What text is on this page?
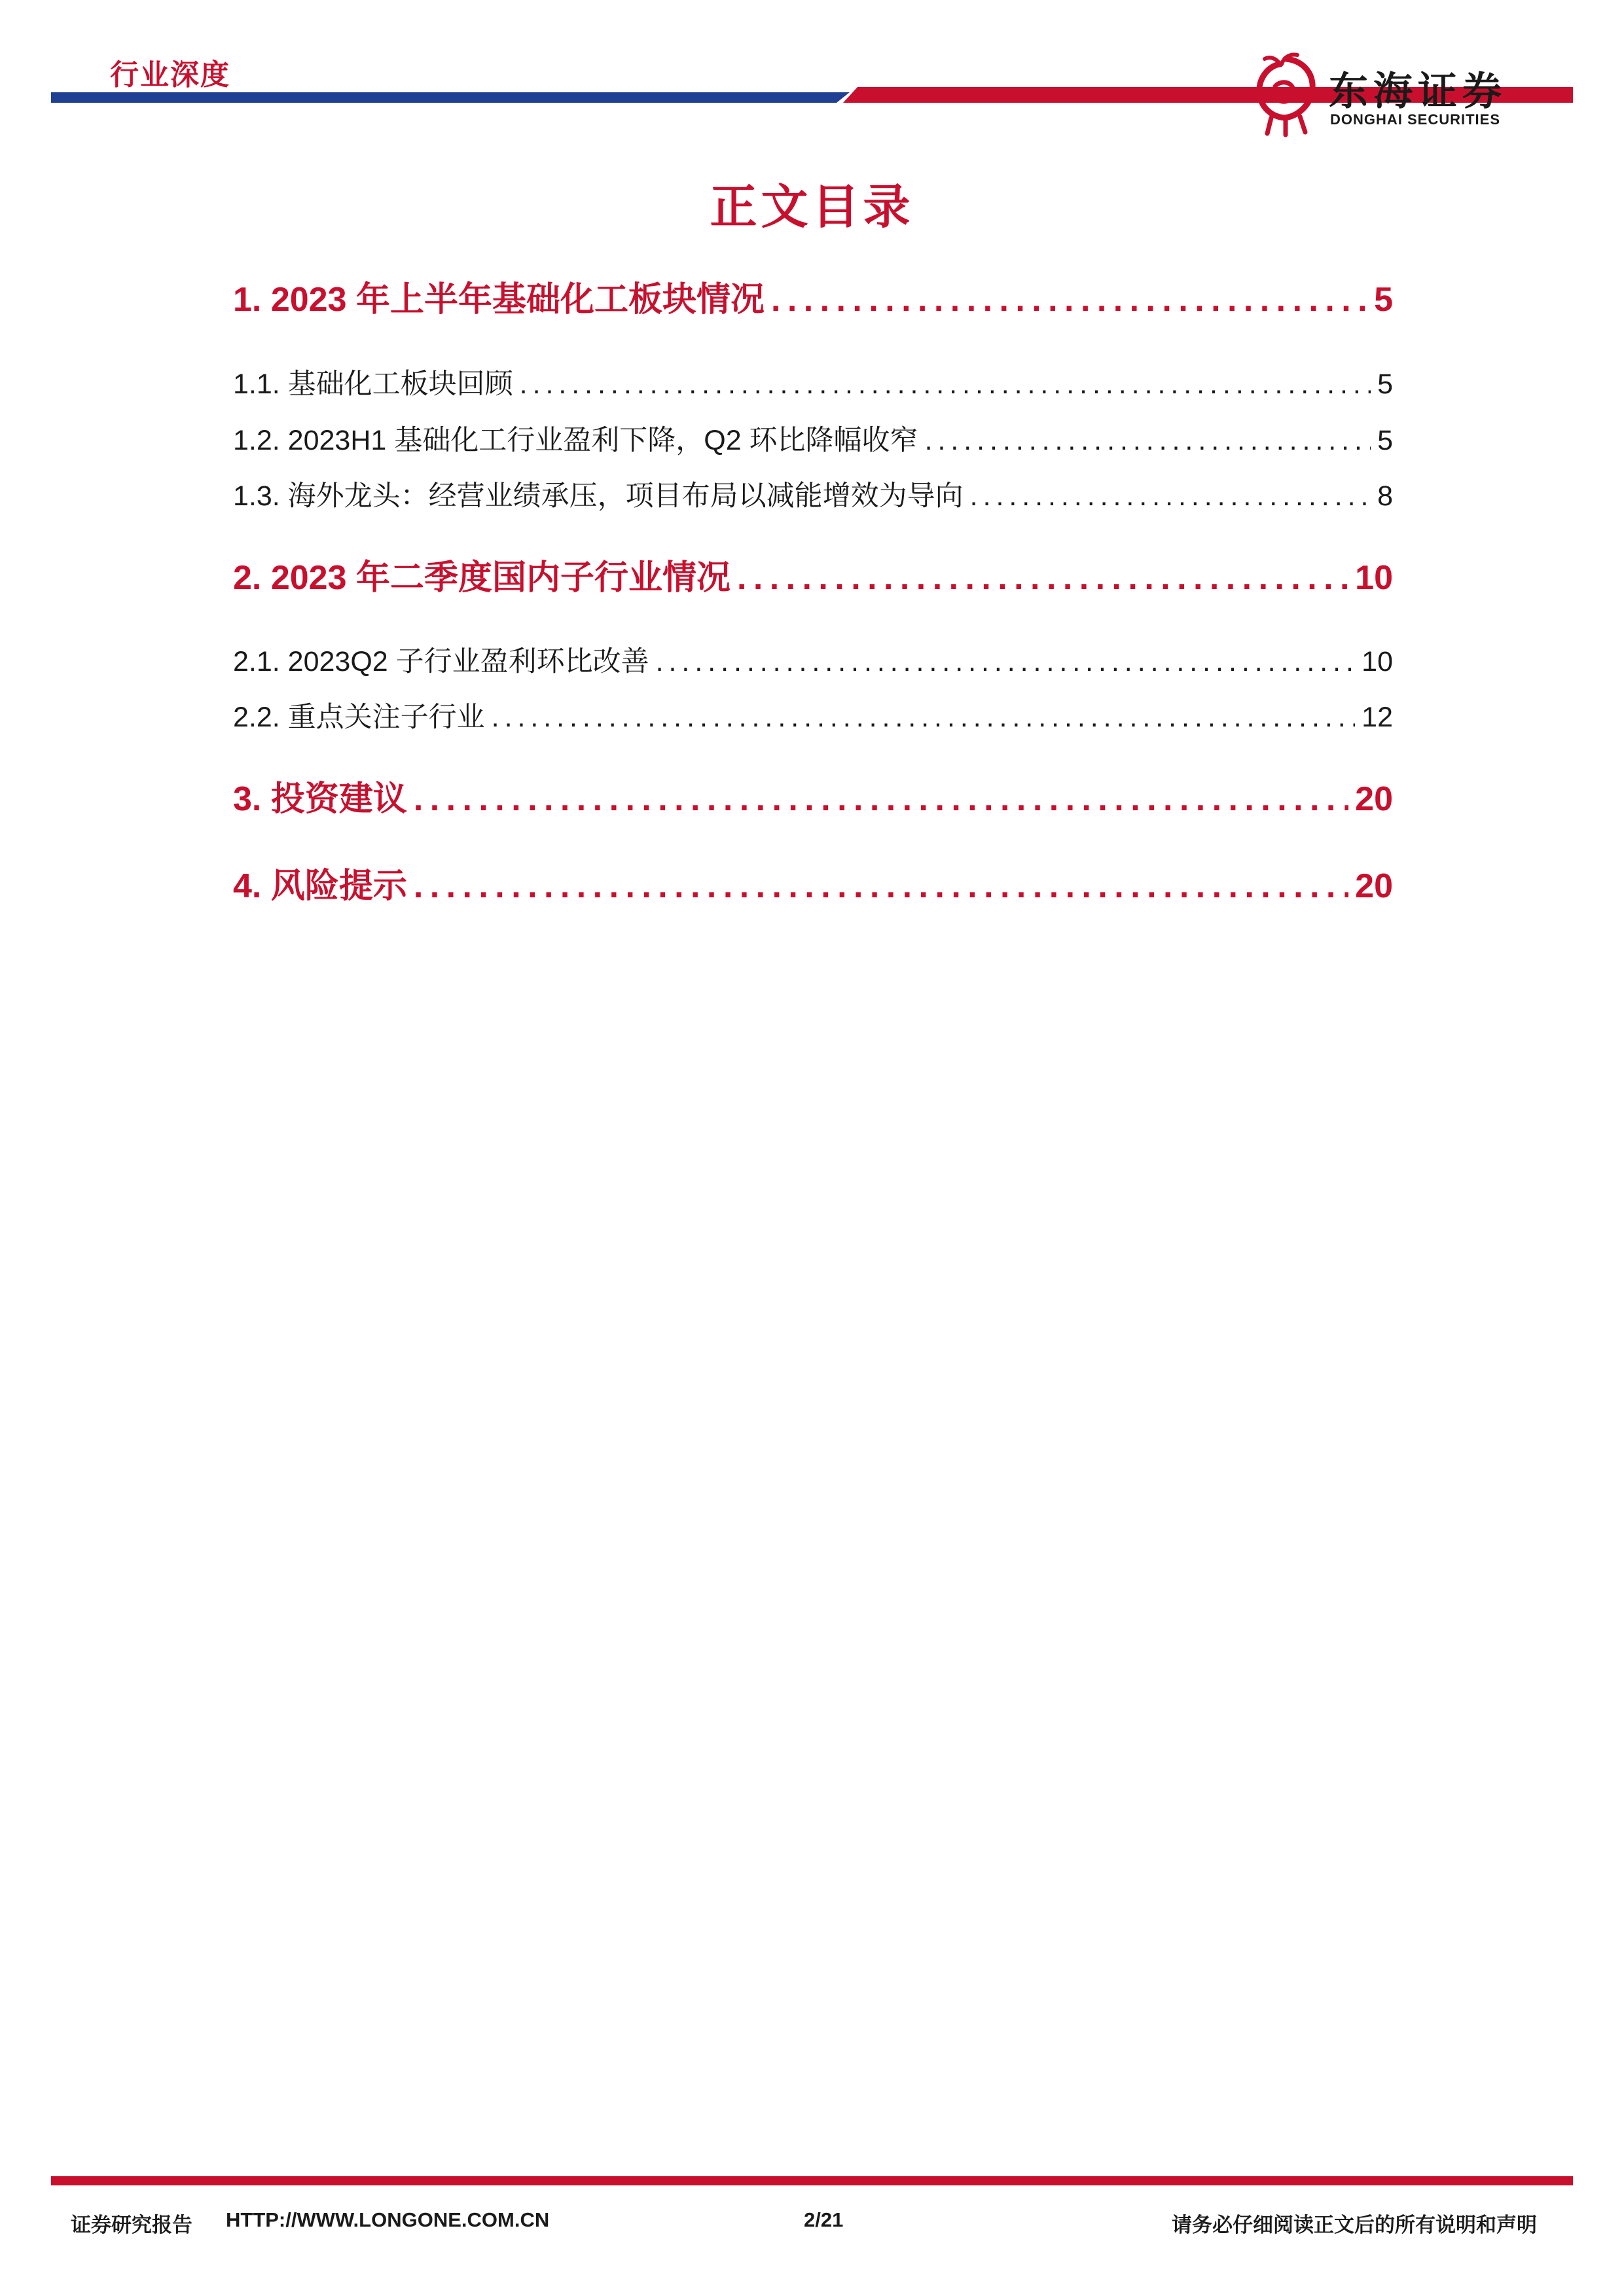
行业深度	东海证券
DONGHAI SECURITIES
正文目录
1. 2023 年上半年基础化工板块情况 . . .	5
1.1. 基础化工板块回顾 . . .	5
1.2. 2023H1 基础化工行业盈利下降，Q2 环比降幅收窄 . . .	5
1.3. 海外龙头：经营业绩承压，项目布局以减能增效为导向 . . .	8
2. 2023 年二季度国内子行业情况 . . .	10
2.1. 2023Q2 子行业盈利环比改善 . . .	10
2.2. 重点关注子行业 . . .	12
3. 投资建议 . . .	20
4. 风险提示 . . .	20
证券研究报告 HTTP://WWW.LONGONE.COM.CN	2/21	请务必仔细阅读正文后的所有说明和声明
